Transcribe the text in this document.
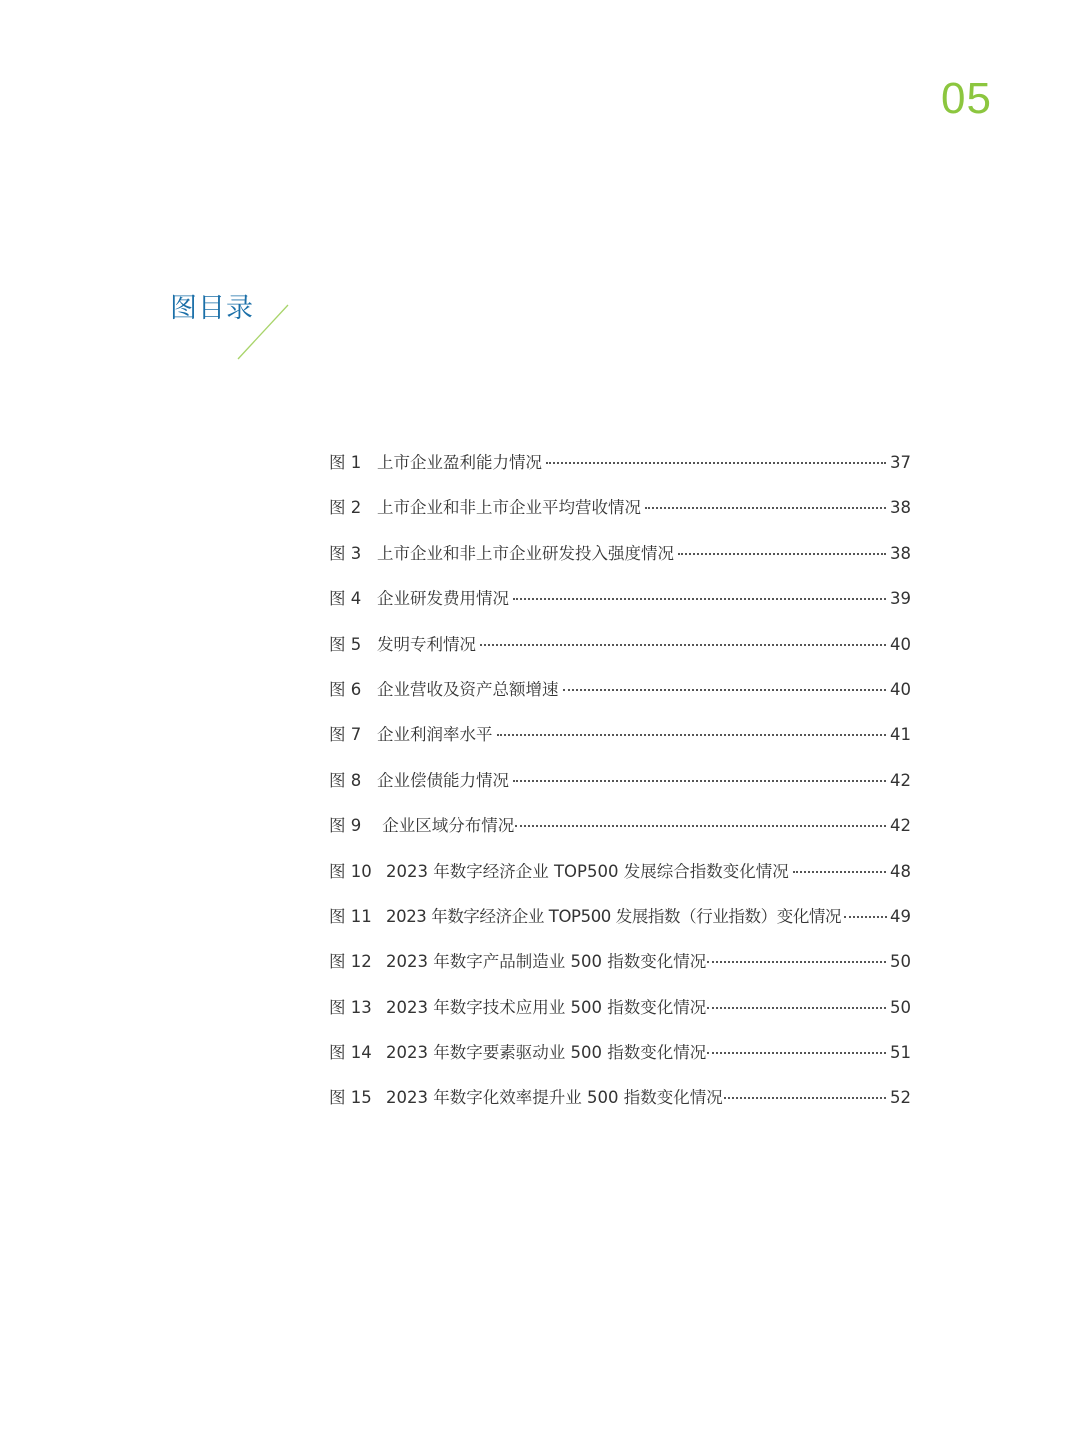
05
图目录
图 1 上市企业盈利能力情况	37
图 2 上市企业和非上市企业平均营收情况	38
图 3 上市企业和非上市企业研发投入强度情况	38
图 4 企业研发费用情况	39
图 5 发明专利情况	40
图 6 企业营收及资产总额增速	40
图 7 企业利润率水平	41
图 8 企业偿债能力情况	42
图 9 企业区域分布情况	42
图 10 2023 年数字经济企业 TOP500 发展综合指数变化情况	48
图 11 2023 年数字经济企业 TOP500 发展指数（行业指数）变化情况	49
图 12 2023 年数字产品制造业 500 指数变化情况	50
图 13 2023 年数字技术应用业 500 指数变化情况	50
图 14 2023 年数字要素驱动业 500 指数变化情况	51
图 15 2023 年数字化效率提升业 500 指数变化情况	52
